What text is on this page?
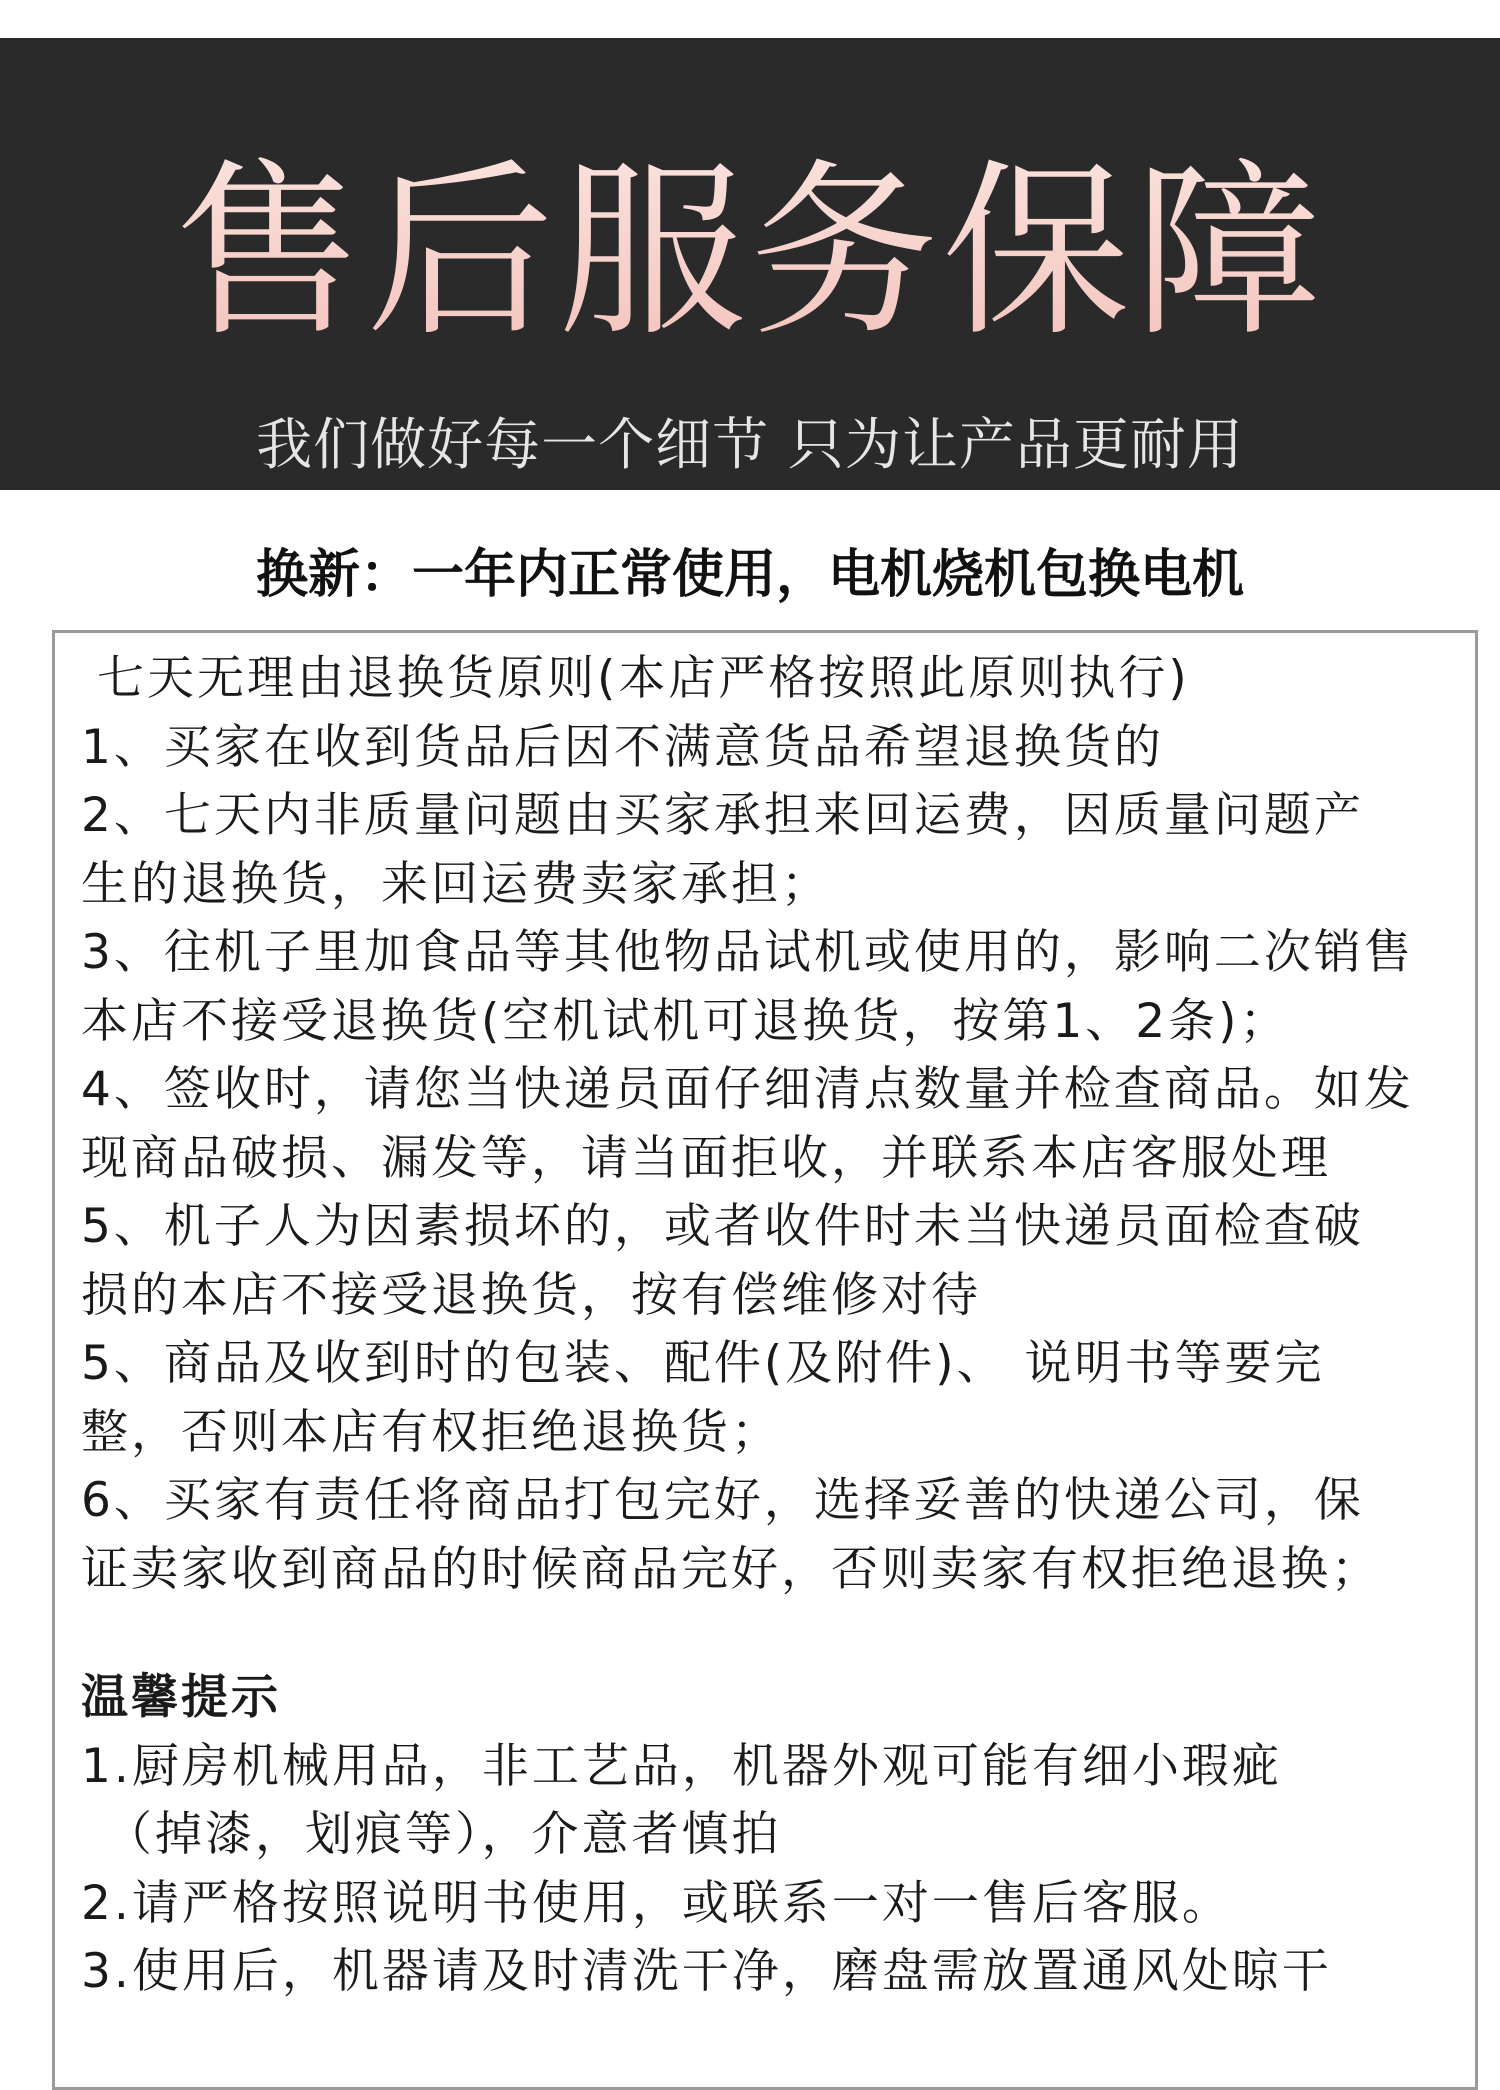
售后服务保障
我们做好每一个细节 只为让产品更耐用
换新：一年内正常使用，电机烧机包换电机
七天无理由退换货原则(本店严格按照此原则执行)
1、买家在收到货品后因不满意货品希望退换货的
2、七天内非质量问题由买家承担来回运费，因质量问题产
生的退换货，来回运费卖家承担；
3、往机子里加食品等其他物品试机或使用的，影响二次销售
本店不接受退换货(空机试机可退换货，按第1、2条)；
4、签收时，请您当快递员面仔细清点数量并检查商品。如发
现商品破损、漏发等，请当面拒收，并联系本店客服处理
5、机子人为因素损坏的，或者收件时未当快递员面检查破
损的本店不接受退换货，按有偿维修对待
5、商品及收到时的包装、配件(及附件)、 说明书等要完
整，否则本店有权拒绝退换货；
6、买家有责任将商品打包完好，选择妥善的快递公司，保
证卖家收到商品的时候商品完好，否则卖家有权拒绝退换；
温馨提示
1.厨房机械用品，非工艺品，机器外观可能有细小瑕疵
（掉漆，划痕等），介意者慎拍
2.请严格按照说明书使用，或联系一对一售后客服。
3.使用后，机器请及时清洗干净，磨盘需放置通风处晾干
